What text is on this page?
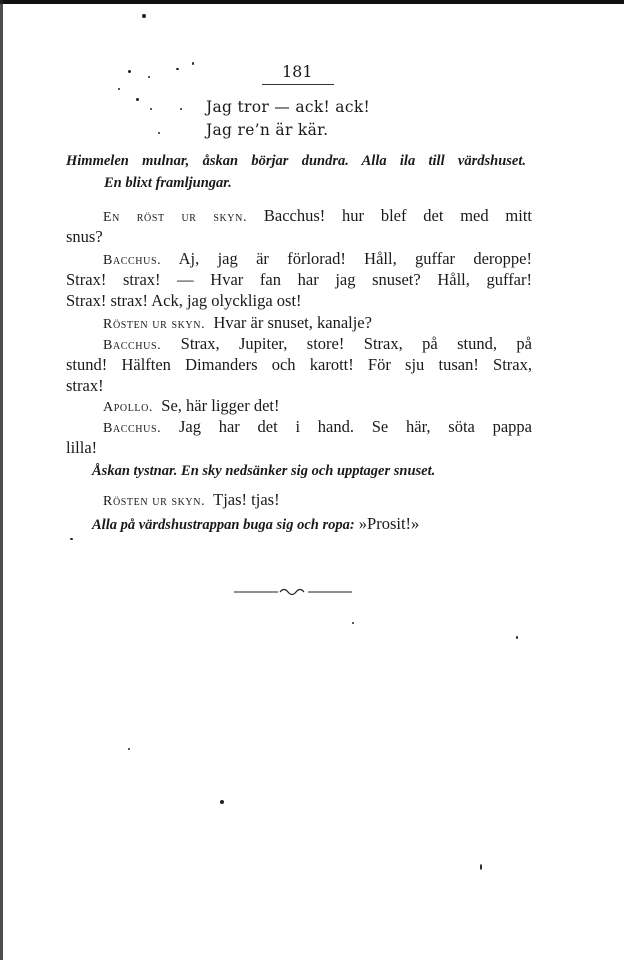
181
Jag tror — ack! ack!
Jag re’n är kär.
Himmelen mulnar, åskan börjar dundra. Alla ila till värdshuset.
En blixt framljungar.
En röst ur skyn. Bacchus! hur blef det med mitt
snus?
Bacchus. Aj, jag är förlorad! Håll, guffar deroppe!
Strax! strax! — Hvar fan har jag snuset? Håll, guffar!
Strax! strax! Ack, jag olyckliga ost!
Rösten ur skyn. Hvar är snuset, kanalje?
Bacchus. Strax, Jupiter, store! Strax, på stund, på
stund! Hälften Dimanders och karott! För sju tusan! Strax,
strax!
Apollo. Se, här ligger det!
Bacchus. Jag har det i hand. Se här, söta pappa
lilla!
Åskan tystnar. En sky nedsänker sig och upptager snuset.
Rösten ur skyn. Tjas! tjas!
Alla på värdshustrappan buga sig och ropa: »Prosit!»
